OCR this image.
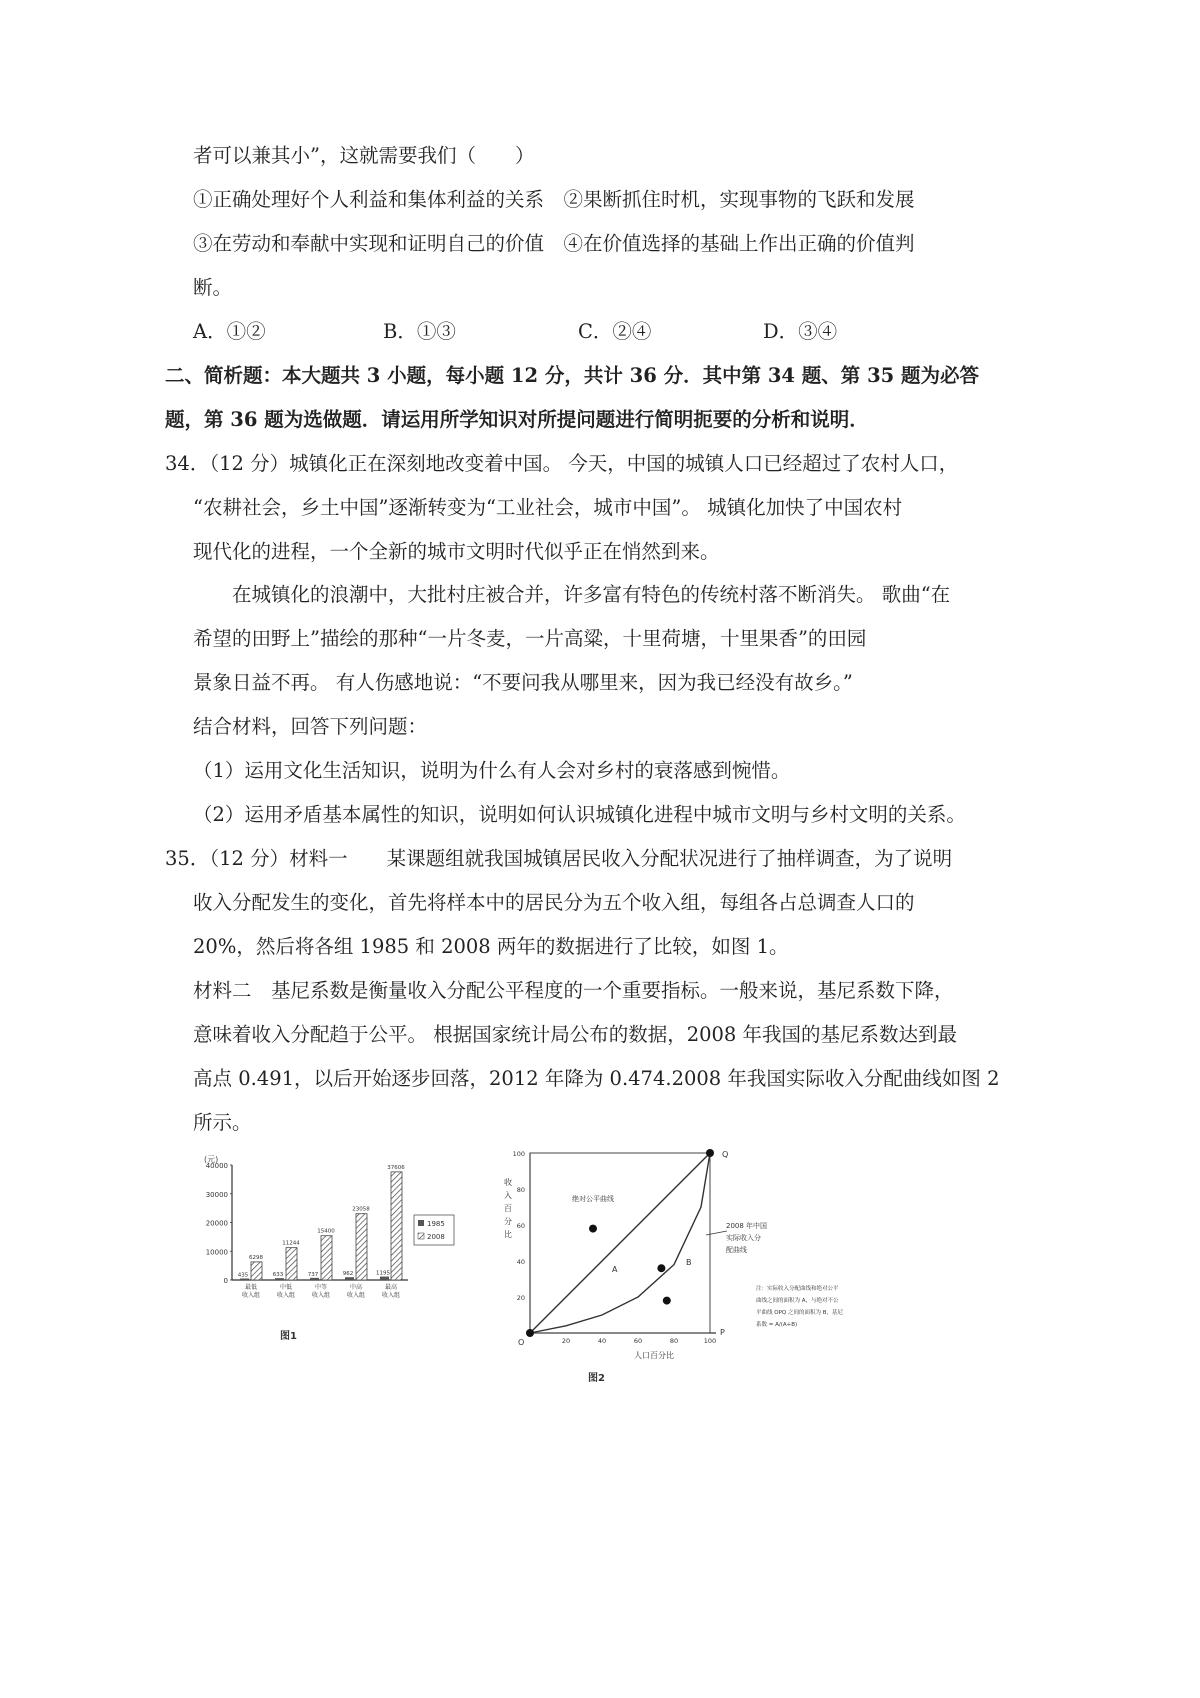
者可以兼其小”，这就需要我们（　　）
①正确处理好个人利益和集体利益的关系　②果断抓住时机，实现事物的飞跃和发展
③在劳动和奉献中实现和证明自己的价值　④在价值选择的基础上作出正确的价值判
断。
A．①②	B．①③	C．②④	D．③④
二、简析题：本大题共 3 小题，每小题 12 分，共计 36 分．其中第 34 题、第 35 题为必答
题，第 36 题为选做题．请运用所学知识对所提问题进行简明扼要的分析和说明．
34．（12 分）城镇化正在深刻地改变着中国。 今天，中国的城镇人口已经超过了农村人口，
“农耕社会，乡土中国”逐渐转变为“工业社会，城市中国”。 城镇化加快了中国农村
现代化的进程，一个全新的城市文明时代似乎正在悄然到来。
在城镇化的浪潮中，大批村庄被合并，许多富有特色的传统村落不断消失。 歌曲“在
希望的田野上”描绘的那种“一片冬麦，一片高粱，十里荷塘，十里果香”的田园
景象日益不再。 有人伤感地说：“不要问我从哪里来，因为我已经没有故乡。”
结合材料，回答下列问题：
（1）运用文化生活知识，说明为什么有人会对乡村的衰落感到惋惜。
（2）运用矛盾基本属性的知识，说明如何认识城镇化进程中城市文明与乡村文明的关系。
35．（12 分）材料一　　某课题组就我国城镇居民收入分配状况进行了抽样调查，为了说明
收入分配发生的变化，首先将样本中的居民分为五个收入组，每组各占总调查人口的
20%，然后将各组 1985 和 2008 两年的数据进行了比较，如图 1。
材料二　基尼系数是衡量收入分配公平程度的一个重要指标。一般来说，基尼系数下降，
意味着收入分配趋于公平。 根据国家统计局公布的数据，2008 年我国的基尼系数达到最
高点 0.491，以后开始逐步回落，2012 年降为 0.474.2008 年我国实际收入分配曲线如图 2
所示。
(元)
40000
30000
20000
10000
0
435
6298
633
11244
737
15400
962
23058
1195
37606
最低
收入组
中低
收入组
中等
收入组
中高
收入组
最高
收入组
1985
2008
图1
收
入
百
分
比
100
80
60
40
20
20	40	60	80	100
O
Q
P
人口百分比
绝对公平曲线
A
B
2008 年中国
实际收入分
配曲线
注：实际收入分配曲线和绝对公平
曲线之间的面积为 A，与绝对不公
平曲线 OPQ 之间的面积为 B，基尼
系数 = A/(A+B)
图2
